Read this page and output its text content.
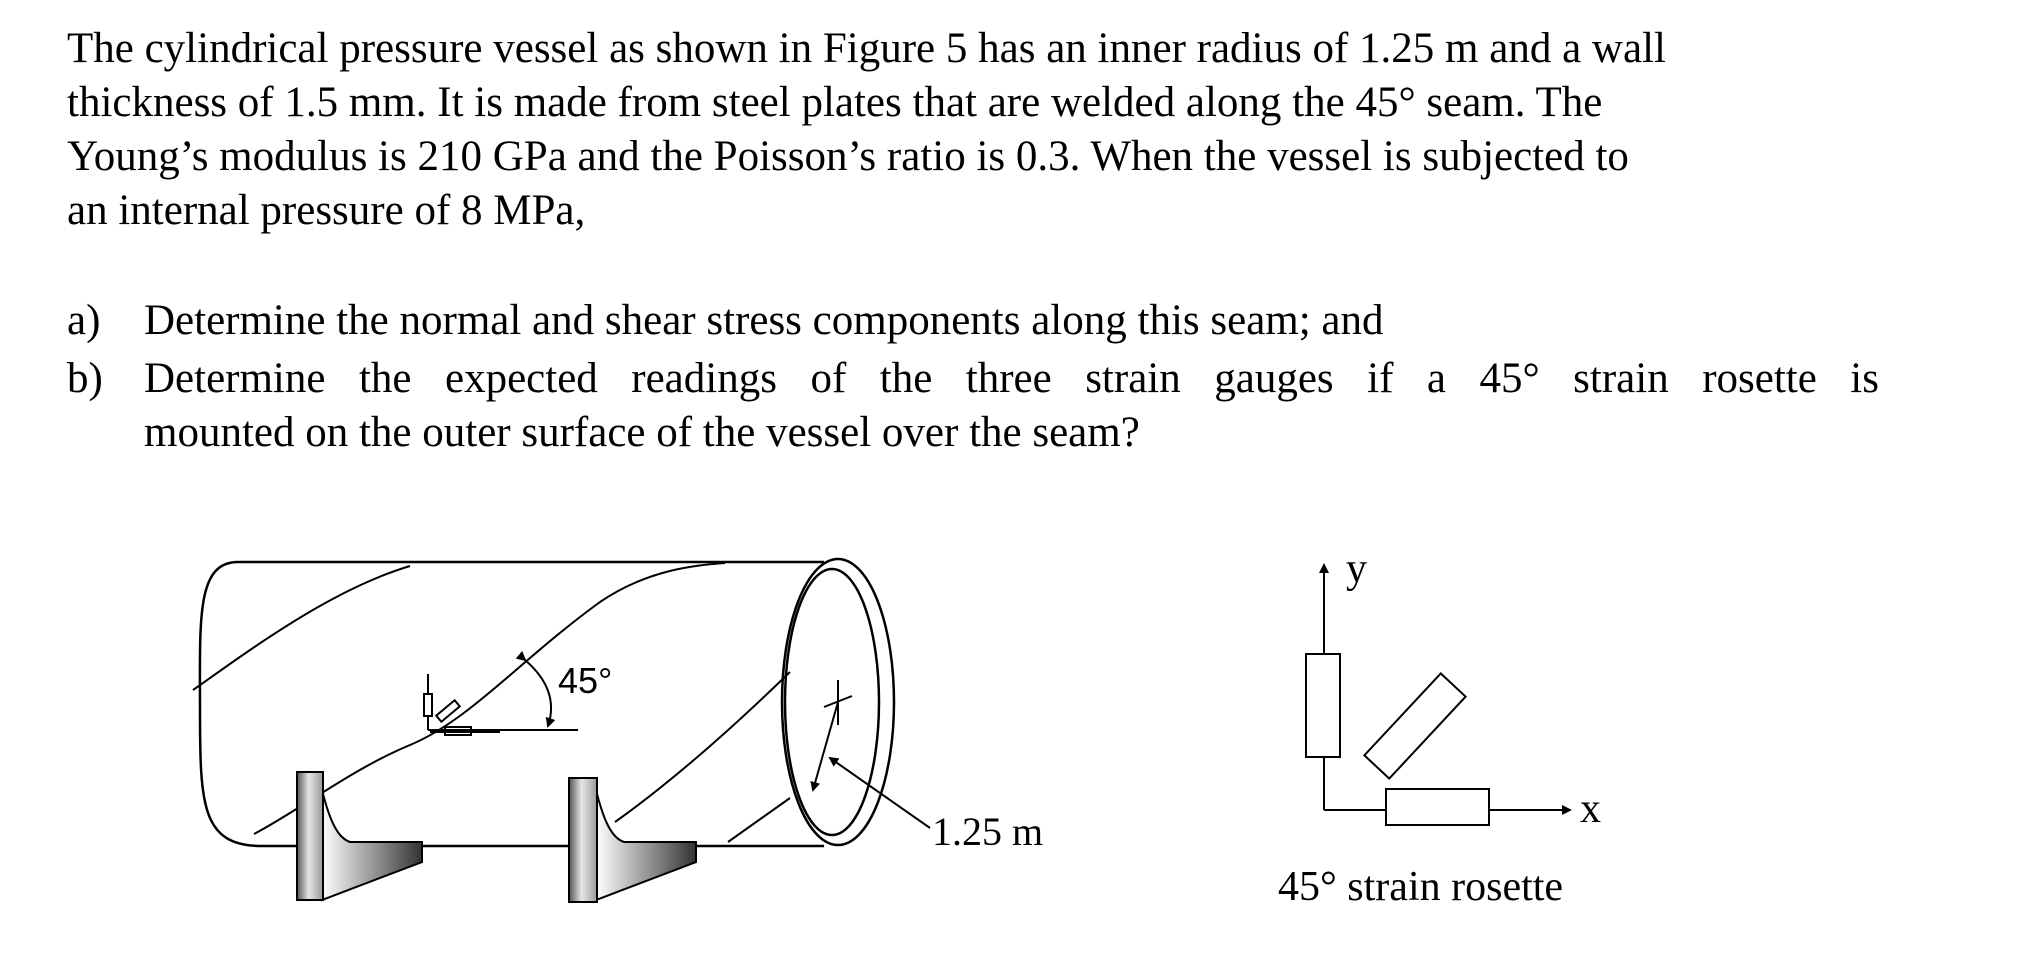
The cylindrical pressure vessel as shown in Figure 5 has an inner radius of 1.25 m and a wall
thickness of 1.5 mm. It is made from steel plates that are welded along the 45° seam. The
Young’s modulus is 210 GPa and the Poisson’s ratio is 0.3. When the vessel is subjected to
an internal pressure of 8 MPa,
a) Determine the normal and shear stress components along this seam; and
b) Determine the expected readings of the three strain gauges if a 45° strain rosette is
mounted on the outer surface of the vessel over the seam?
45°
1.25 m
y
x
45° strain rosette
